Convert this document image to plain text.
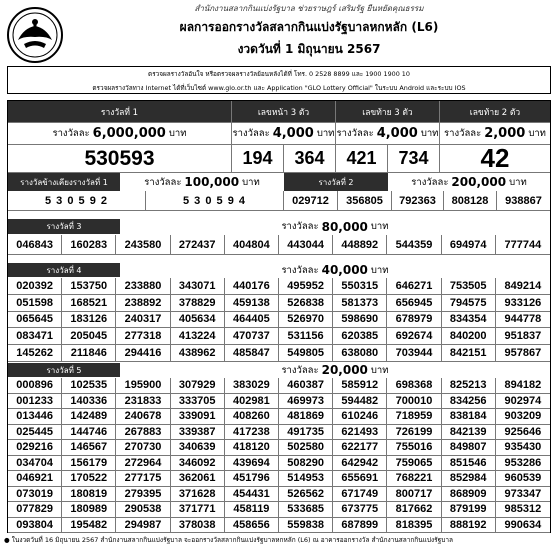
สำนักงานสลากกินแบ่งรัฐบาล ช่วยราษฎร์ เสริมรัฐ ยืนหยัดคุณธรรม
ผลการออกรางวัลสลากกินแบ่งรัฐบาลหกหลัก (L6)
งวดวันที่ 1 มิถุนายน 2567
ตรวจผลรางวัลอันใจ หรือตรวจผลรางวัลย้อนหลังได้ที่ โทร. 0 2528 8899 และ 1900 1900 10
ตรวจผลรางวัลทาง Internet ได้ที่เว็บไซต์ www.glo.or.th และ Application "GLO Lottery Official" ในระบบ Android และระบบ IOS
รางวัลที่ 1	เลขหน้า 3 ตัว	เลขท้าย 3 ตัว	เลขท้าย 2 ตัว
รางวัลละ 6,000,000 บาท	รางวัลละ 4,000 บาท รางวัลละ 4,000 บาท รางวัลละ 2,000 บาท
530593	194	364	421	734	42
รางวัลข้างเคียงรางวัลที่ 1	รางวัลละ 100,000 บาท	รางวัลที่ 2	รางวัลละ 200,000 บาท
5 3 0 5 9 2	5 3 0 5 9 4	029712	356805	792363	808128	938867
รางวัลที่ 3	รางวัลละ 80,000 บาท
รางวัลที่ 4	รางวัลละ 40,000 บาท
รางวัลที่ 5	รางวัลละ 20,000 บาท
046843	160283	243580	272437	404804	443044	448892	544359	694974	777744
020392	153750	233880	343071	440176	495952	550315	646271	753505	849214
051598	168521	238892	378829	459138	526838	581373	656945	794575	933126
065645	183126	240317	405634	464405	526970	598690	678979	834354	944778
083471	205045	277318	413224	470737	531156	620385	692674	840200	951837
145262	211846	294416	438962	485847	549805	638080	703944	842151	957867
000896	102535	195900	307929	383029	460387	585912	698368	825213	894182
001233	140336	231833	333705	402981	469973	594482	700010	834256	902974
013446	142489	240678	339091	408260	481869	610246	718959	838184	903209
025445	144746	267883	339387	417238	491735	621493	726199	842139	925646
029216	146567	270730	340639	418120	502580	622177	755016	849807	935430
034704	156179	272964	346092	439694	508290	642942	759065	851546	953286
046921	170522	277175	362061	451796	514953	655691	768221	852984	960539
073019	180819	279395	371628	454431	526562	671749	800717	868909	973347
077829	180989	290538	371771	458119	533685	673775	817662	879199	985312
093804	195482	294987	378038	458656	559838	687899	818395	888192	990634
● ในงวดวันที่ 16 มิถุนายน 2567 สำนักงานสลากกินแบ่งรัฐบาล จะออกรางวัลสลากกินแบ่งรัฐบาลหกหลัก (L6) ณ อาคารออกรางวัล สำนักงานสลากกินแบ่งรัฐบาล
